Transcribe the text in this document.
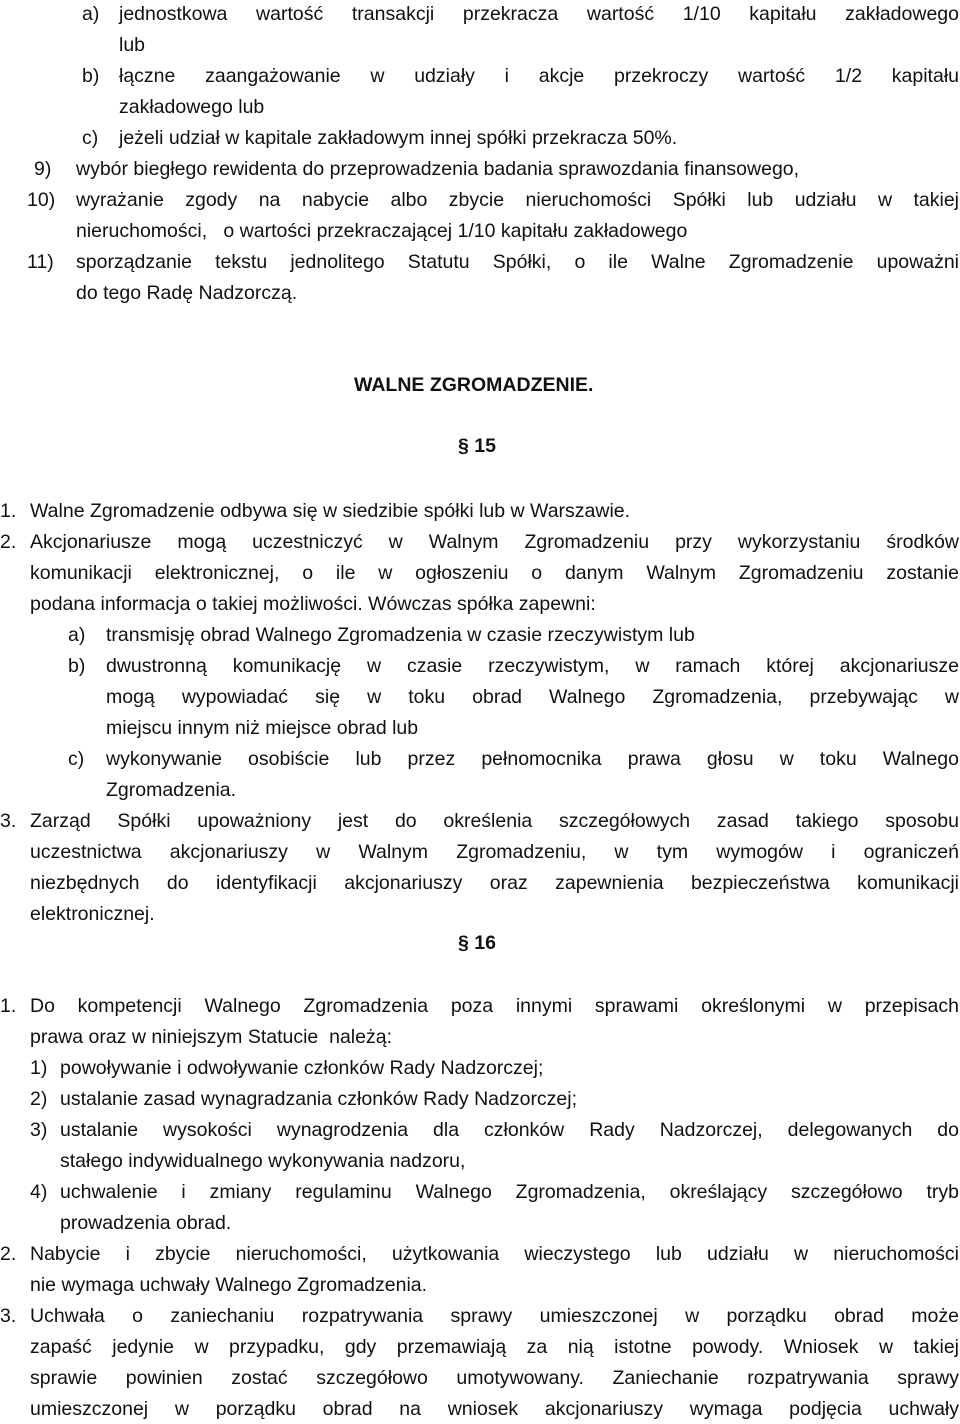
a) jednostkowa wartość transakcji przekracza wartość 1/10 kapitału zakładowego
lub
b) łączne zaangażowanie w udziały i akcje przekroczy wartość 1/2 kapitału
zakładowego lub
c) jeżeli udział w kapitale zakładowym innej spółki przekracza 50%.
9) wybór biegłego rewidenta do przeprowadzenia badania sprawozdania finansowego,
10) wyrażanie zgody na nabycie albo zbycie nieruchomości Spółki lub udziału w takiej
nieruchomości,   o wartości przekraczającej 1/10 kapitału zakładowego
11) sporządzanie tekstu jednolitego Statutu Spółki, o ile Walne Zgromadzenie upoważni
do tego Radę Nadzorczą.
WALNE ZGROMADZENIE.
§ 15
1. Walne Zgromadzenie odbywa się w siedzibie spółki lub w Warszawie.
2. Akcjonariusze mogą uczestniczyć w Walnym Zgromadzeniu przy wykorzystaniu środków
komunikacji elektronicznej, o ile w ogłoszeniu o danym Walnym Zgromadzeniu zostanie
podana informacja o takiej możliwości. Wówczas spółka zapewni:
a) transmisję obrad Walnego Zgromadzenia w czasie rzeczywistym lub
b) dwustronną komunikację w czasie rzeczywistym, w ramach której akcjonariusze
mogą wypowiadać się w toku obrad Walnego Zgromadzenia, przebywając w
miejscu innym niż miejsce obrad lub
c) wykonywanie osobiście lub przez pełnomocnika prawa głosu w toku Walnego
Zgromadzenia.
3. Zarząd Spółki upoważniony jest do określenia szczegółowych zasad takiego sposobu
uczestnictwa akcjonariuszy w Walnym Zgromadzeniu, w tym wymogów i ograniczeń
niezbędnych do identyfikacji akcjonariuszy oraz zapewnienia bezpieczeństwa komunikacji
elektronicznej.
§ 16
1. Do kompetencji Walnego Zgromadzenia poza innymi sprawami określonymi w przepisach
prawa oraz w niniejszym Statucie  należą:
1) powoływanie i odwoływanie członków Rady Nadzorczej;
2) ustalanie zasad wynagradzania członków Rady Nadzorczej;
3) ustalanie wysokości wynagrodzenia dla członków Rady Nadzorczej, delegowanych do
stałego indywidualnego wykonywania nadzoru,
4) uchwalenie i zmiany regulaminu Walnego Zgromadzenia, określający szczegółowo tryb
prowadzenia obrad.
2. Nabycie i zbycie nieruchomości, użytkowania wieczystego lub udziału w nieruchomości
nie wymaga uchwały Walnego Zgromadzenia.
3. Uchwała o zaniechaniu rozpatrywania sprawy umieszczonej w porządku obrad może
zapaść jedynie w przypadku, gdy przemawiają za nią istotne powody. Wniosek w takiej
sprawie powinien zostać szczegółowo umotywowany. Zaniechanie rozpatrywania sprawy
umieszczonej w porządku obrad na wniosek akcjonariuszy wymaga podjęcia uchwały
